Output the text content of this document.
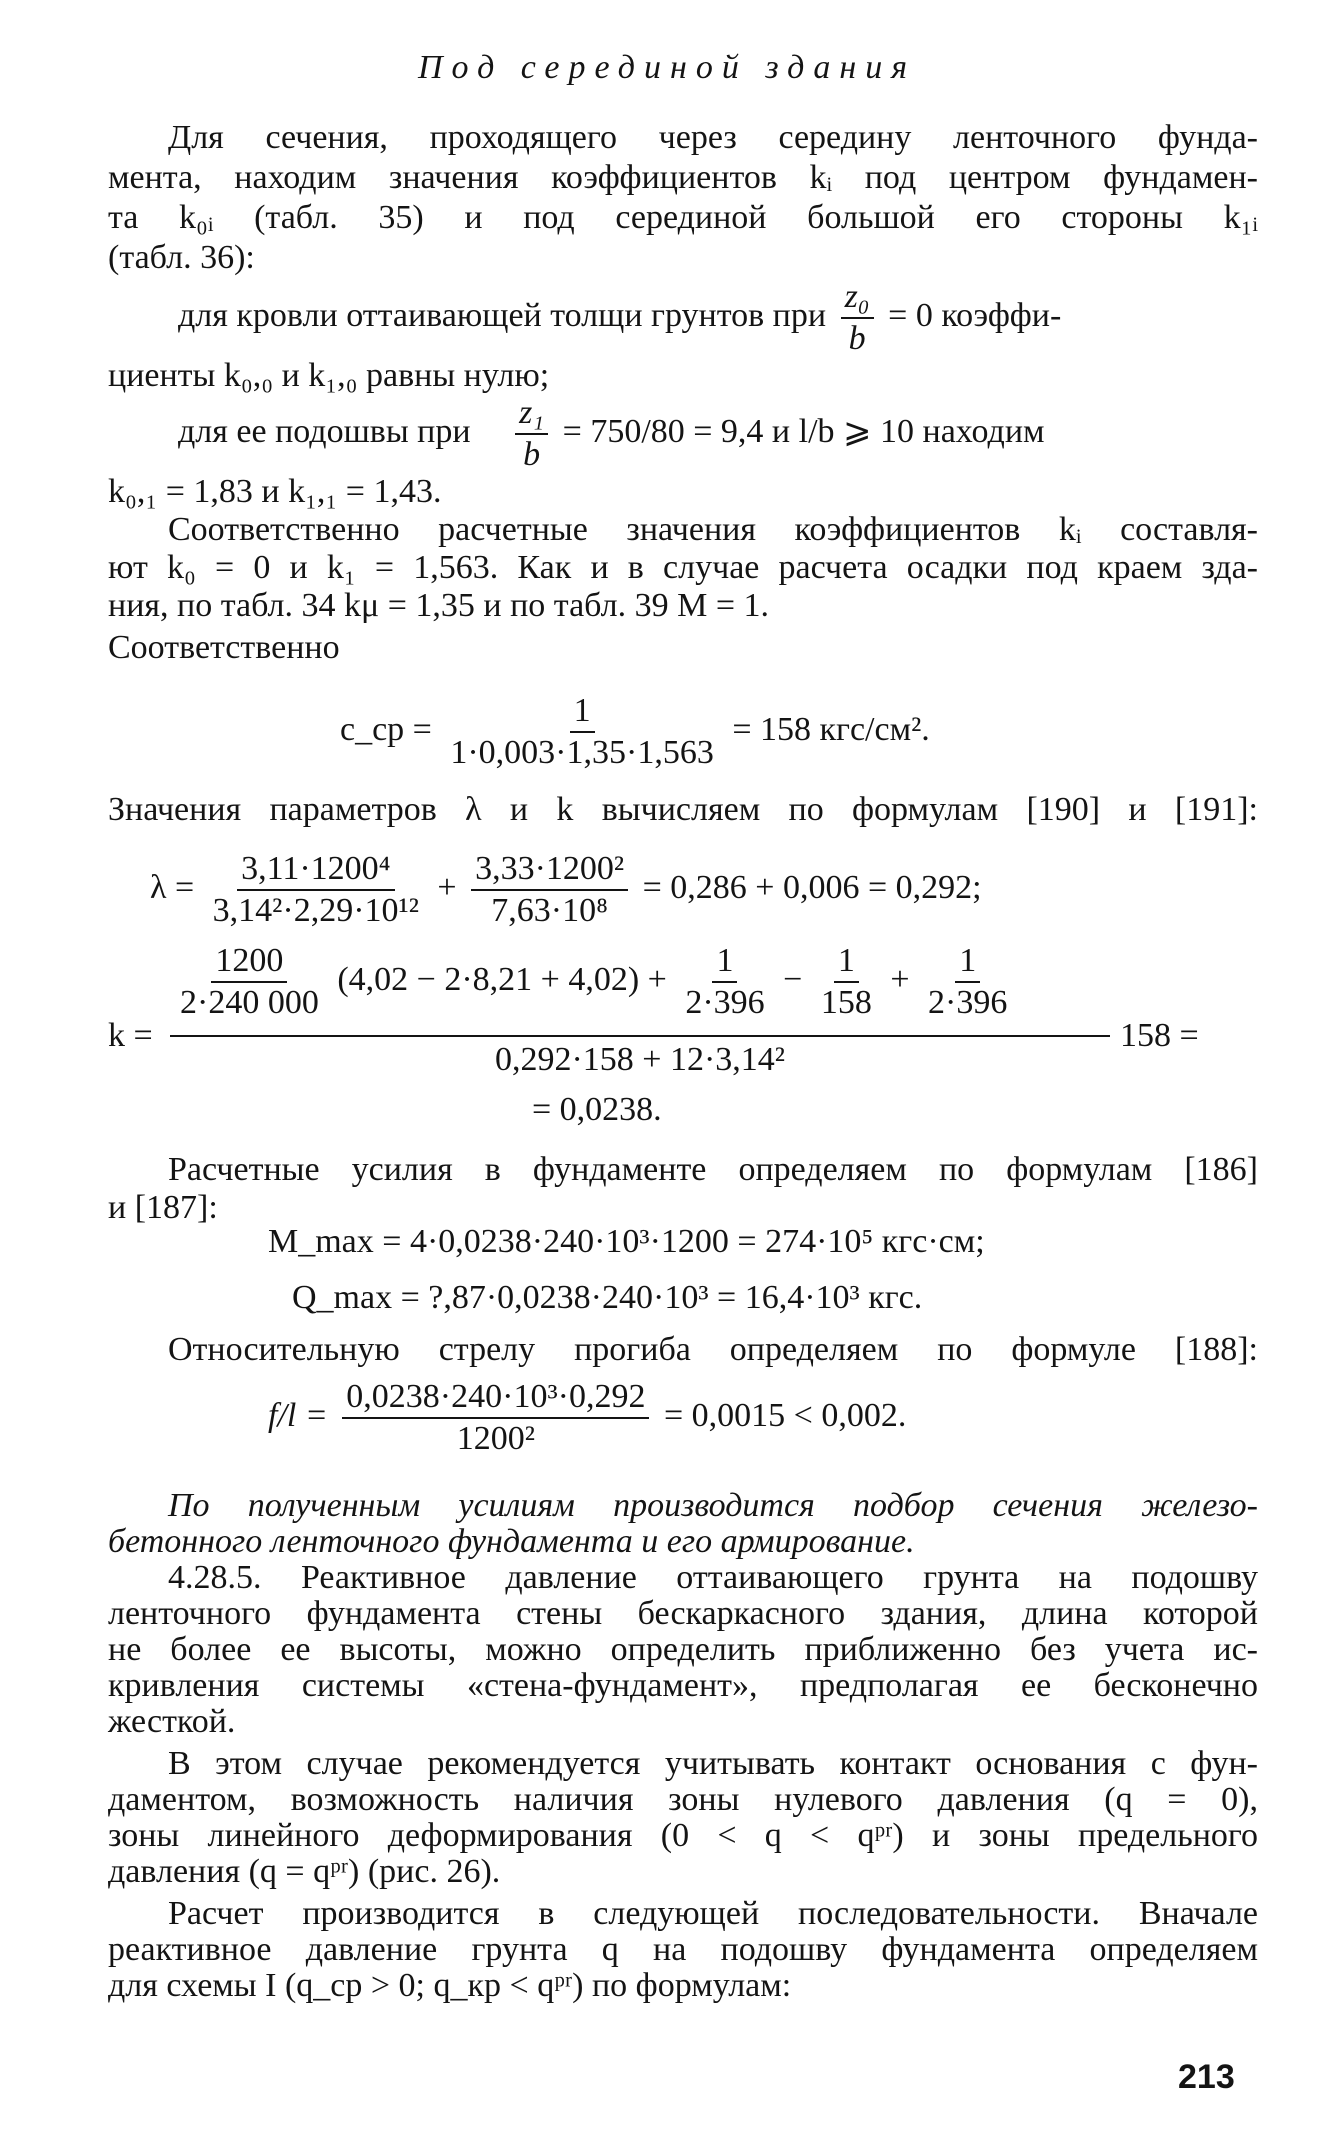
Под серединой здания
Для сечения, проходящего через середину ленточного фунда-
мента, находим значения коэффициентов kᵢ под центром фундамен-
та k₀ᵢ (табл. 35) и под серединой большой его стороны k₁ᵢ
(табл. 36):
для кровли оттаивающей толщи грунтов при $\frac{\text{z₀}}{b} = 0$ коэффи-
циенты k₀,₀ и k₁,₀ равны нулю;
для ее подошвы при $\frac{\text{z₁}}{b} = 750/80 = 9,4$ и l/b ⩾ 10 находим
k₀,₁ = 1,83 и k₁,₁ = 1,43.
Соответственно расчетные значения коэффициентов kᵢ составля-
ют k₀ = 0 и k₁ = 1,563. Как и в случае расчета осадки под краем зда-
ния, по табл. 34 kμ = 1,35 и по табл. 39 M = 1.
Соответственно
c_ср = $\frac{1}{1\cdot 0,003\cdot 1,35\cdot 1,563} = 158$ кгс/см².
Значения параметров λ и k вычисляем по формулам [190] и [191]:
$\lambda = \frac{\text{3,11·1200⁴}}{\text{3,14²·2,29·10¹²}} + \frac{\text{3,33·1200²}}{\text{7,63·10⁸}} = 0,286 + 0,006 = 0,292$;
$\frac{1200}{2\cdot 240 000} (4,02 - 2\cdot 8,21 + 4,02) + \frac{1}{2\cdot 396} - \frac{1}{158} + \frac{1}{2\cdot 396}$
k =	158 =
0,292·158 + 12·3,14²
= 0,0238.
Расчетные усилия в фундаменте определяем по формулам [186]
и [187]:
M_max = 4·0,0238·240·10³·1200 = 274·10⁵ кгс·см;
Q_max = ?,87·0,0238·240·10³ = 16,4·10³ кгс.
Относительную стрелу прогиба определяем по формуле [188]:
$f/l = \frac{\text{0,0238·240·10³·0,292}}{\text{1200²}} = 0,0015 < 0,002$.
По полученным усилиям производится подбор сечения железо-
бетонного ленточного фундамента и его армирование.
4.28.5. Реактивное давление оттаивающего грунта на подошву
ленточного фундамента стены бескаркасного здания, длина которой
не более ее высоты, можно определить приближенно без учета ис-
кривления системы «стена-фундамент», предполагая ее бесконечно
жесткой.
В этом случае рекомендуется учитывать контакт основания с фун-
даментом, возможность наличия зоны нулевого давления (q = 0),
зоны линейного деформирования (0 < q < qᵖʳ) и зоны предельного
давления (q = qᵖʳ) (рис. 26).
Расчет производится в следующей последовательности. Вначале
реактивное давление грунта q на подошву фундамента определяем
для схемы I (q_ср > 0; q_кр < qᵖʳ) по формулам:
213
